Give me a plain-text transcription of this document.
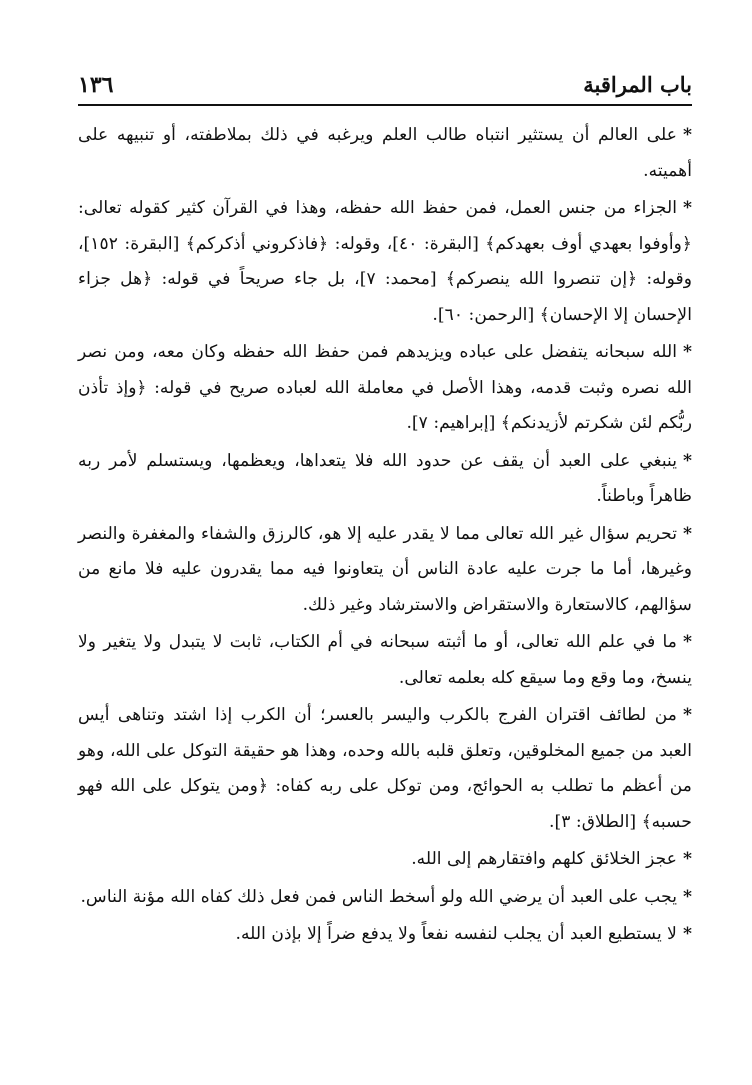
باب المراقبة
١٣٦

*على العالم أن يستثير انتباه طالب العلم ويرغبه في ذلك بملاطفته، أو تنبيهه على أهميته.

*الجزاء من جنس العمل، فمن حفظ الله حفظه، وهذا في القرآن كثير كقوله تعالى: ﴿وأوفوا بعهدي أوف بعهدكم﴾ [البقرة: ٤٠]، وقوله: ﴿فاذكروني أذكركم﴾ [البقرة: ١٥٢]، وقوله: ﴿إن تنصروا الله ينصركم﴾ [محمد: ٧]، بل جاء صريحاً في قوله: ﴿هل جزاء الإحسان إلا الإحسان﴾ [الرحمن: ٦٠].

*الله سبحانه يتفضل على عباده ويزيدهم فمن حفظ الله حفظه وكان معه، ومن نصر الله نصره وثبت قدمه، وهذا الأصل في معاملة الله لعباده صريح في قوله: ﴿وإذ تأذن ربُّكم لئن شكرتم لأزيدنكم﴾ [إبراهيم: ٧].

*ينبغي على العبد أن يقف عن حدود الله فلا يتعداها، ويعظمها، ويستسلم لأمر ربه ظاهراً وباطناً.

*تحريم سؤال غير الله تعالى مما لا يقدر عليه إلا هو، كالرزق والشفاء والمغفرة والنصر وغيرها، أما ما جرت عليه عادة الناس أن يتعاونوا فيه مما يقدرون عليه فلا مانع من سؤالهم، كالاستعارة والاستقراض والاسترشاد وغير ذلك.

*ما في علم الله تعالى، أو ما أثبته سبحانه في أم الكتاب، ثابت لا يتبدل ولا يتغير ولا ينسخ، وما وقع وما سيقع كله بعلمه تعالى.

*من لطائف اقتران الفرج بالكرب واليسر بالعسر؛ أن الكرب إذا اشتد وتناهى أيس العبد من جميع المخلوقين، وتعلق قلبه بالله وحده، وهذا هو حقيقة التوكل على الله، وهو من أعظم ما تطلب به الحوائج، ومن توكل على ربه كفاه: ﴿ومن يتوكل على الله فهو حسبه﴾ [الطلاق: ٣].

*عجز الخلائق كلهم وافتقارهم إلى الله.

*يجب على العبد أن يرضي الله ولو أسخط الناس فمن فعل ذلك كفاه الله مؤنة الناس.

*لا يستطيع العبد أن يجلب لنفسه نفعاً ولا يدفع ضراً إلا بإذن الله.
